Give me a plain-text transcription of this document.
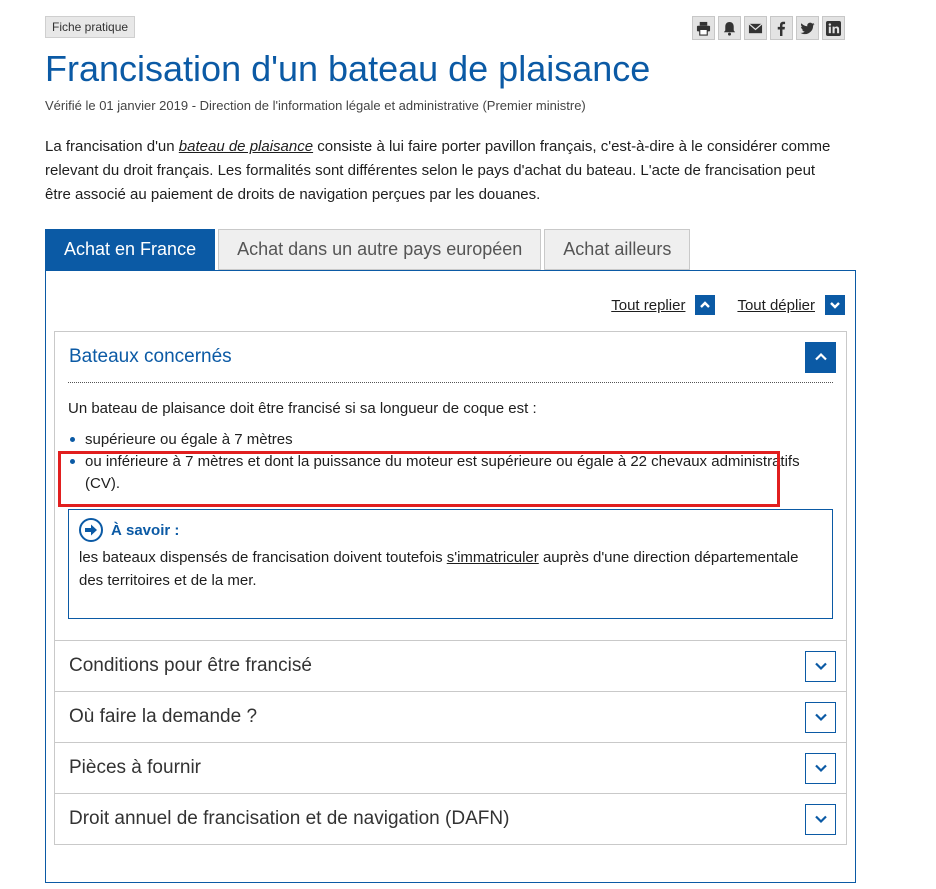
Fiche pratique
Francisation d'un bateau de plaisance
Vérifié le 01 janvier 2019 - Direction de l'information légale et administrative (Premier ministre)

La francisation d'un bateau de plaisance consiste à lui faire porter pavillon français, c'est-à-dire à le considérer comme relevant du droit français. Les formalités sont différentes selon le pays d'achat du bateau. L'acte de francisation peut être associé au paiement de droits de navigation perçues par les douanes.

Achat en France	Achat dans un autre pays européen	Achat ailleurs
Tout replier	Tout déplier
Bateaux concernés

Un bateau de plaisance doit être francisé si sa longueur de coque est :

supérieure ou égale à 7 mètres
ou inférieure à 7 mètres et dont la puissance du moteur est supérieure ou égale à 22 chevaux administratifs (CV).
À savoir :

les bateaux dispensés de francisation doivent toutefois s'immatriculer auprès d'une direction départementale des territoires et de la mer.

Conditions pour être francisé
Où faire la demande ?
Pièces à fournir
Droit annuel de francisation et de navigation (DAFN)
